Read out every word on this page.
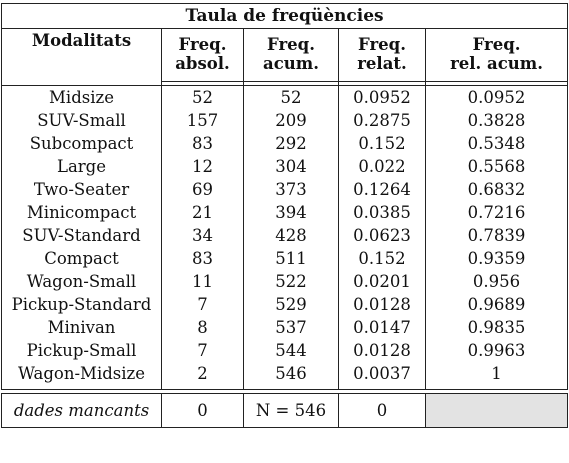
Taula de freqüències				
Modalitats	Freq.	Freq.	Freq.	Freq.
	absol.	acum.	relat.	rel. acum.

Midsize	52	52	0.0952	0.0952
SUV-Small	157	209	0.2875	0.3828
Subcompact	83	292	0.152	0.5348
Large	12	304	0.022	0.5568
Two-Seater	69	373	0.1264	0.6832
Minicompact	21	394	0.0385	0.7216
SUV-Standard	34	428	0.0623	0.7839
Compact	83	511	0.152	0.9359
Wagon-Small	11	522	0.0201	0.956
Pickup-Standard	7	529	0.0128	0.9689
Minivan	8	537	0.0147	0.9835
Pickup-Small	7	544	0.0128	0.9963
Wagon-Midsize	2	546	0.0037	1

dades mancants	0	N = 546	0	
